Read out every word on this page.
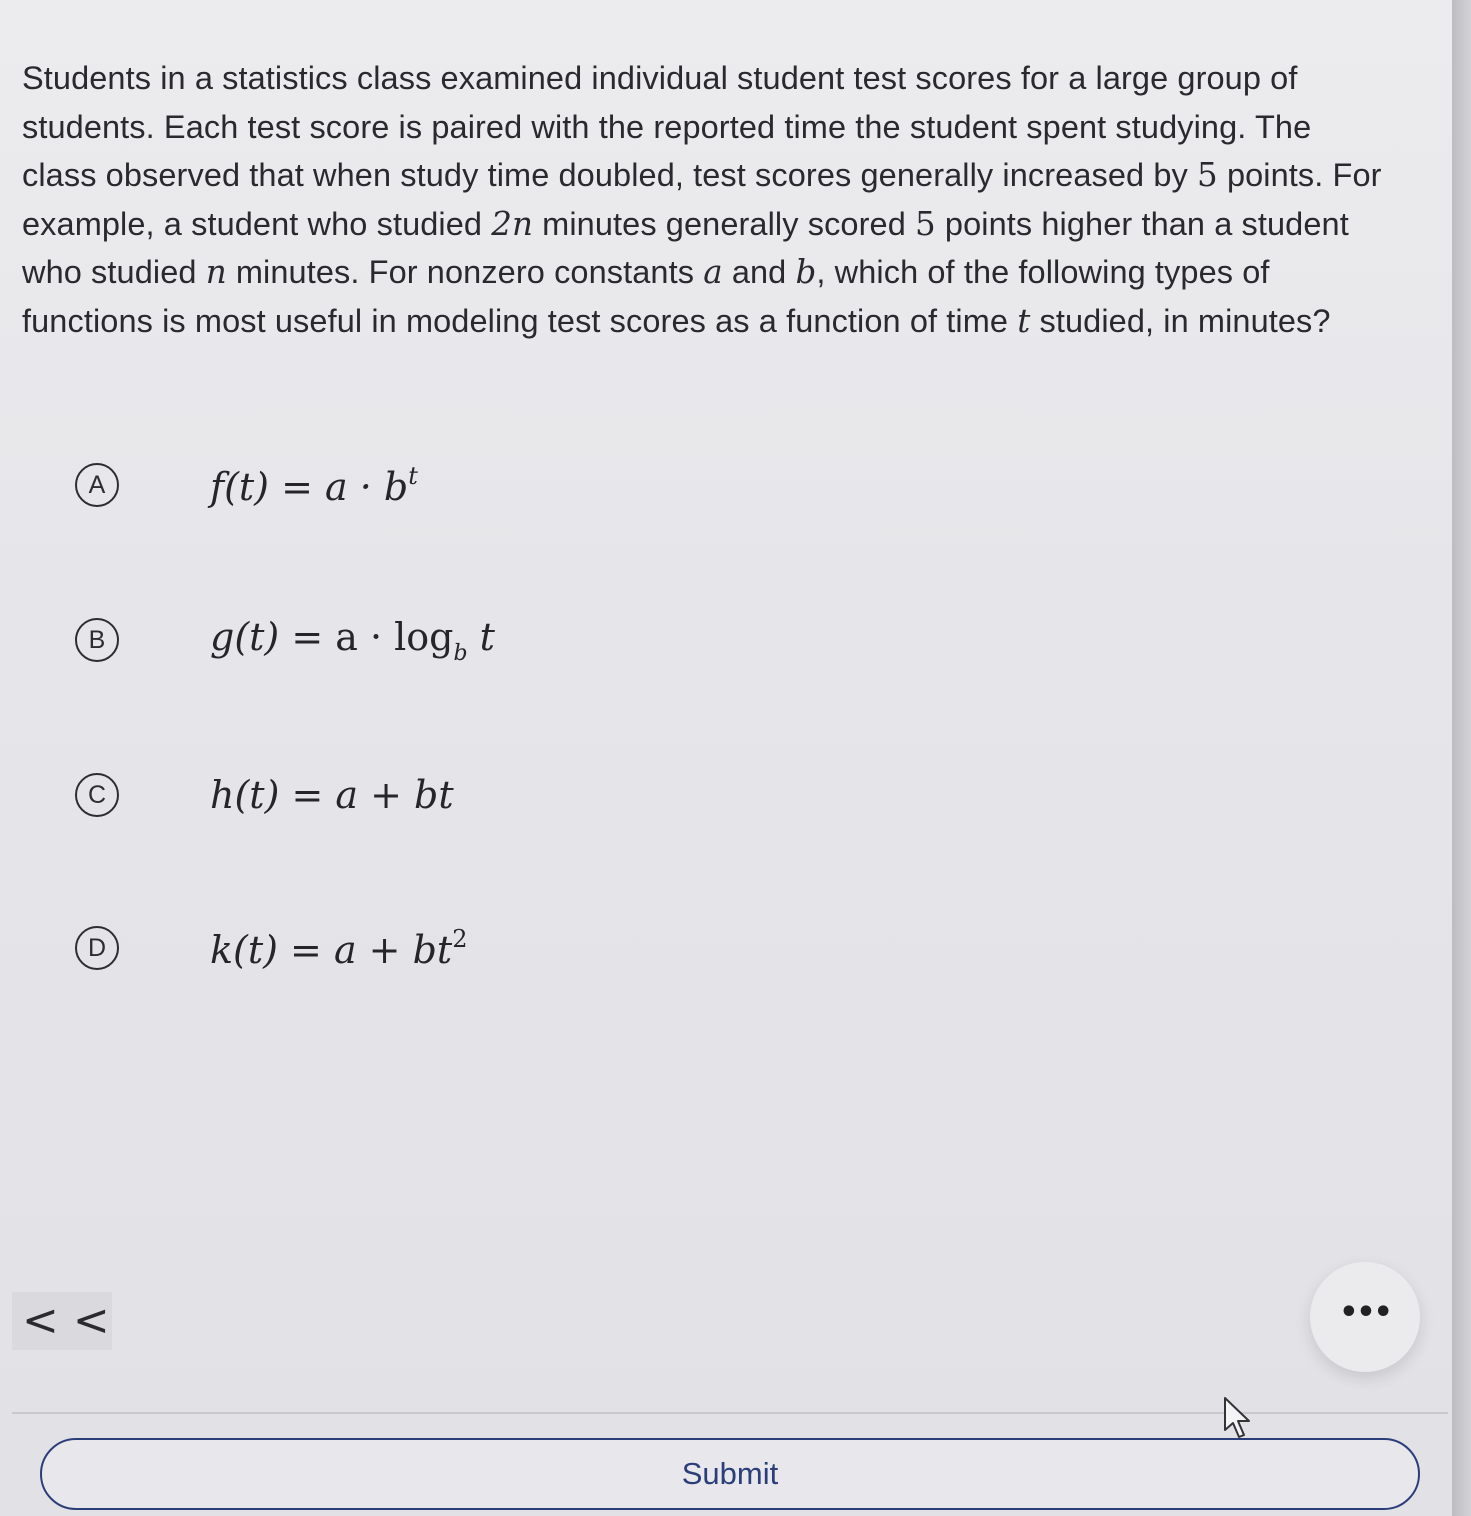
Students in a statistics class examined individual student test scores for a large group of
students. Each test score is paired with the reported time the student spent studying. The
class observed that when study time doubled, test scores generally increased by 5 points. For
example, a student who studied 2n minutes generally scored 5 points higher than a student
who studied n minutes. For nonzero constants a and b, which of the following types of
functions is most useful in modeling test scores as a function of time t studied, in minutes?
A	$f(t) = a \cdot b^t$
B	$g(t) = a \cdot \log_b t$
C	h(t) = a + bt
D	$k(t) = a + bt^2$
< <	•••
Submit
